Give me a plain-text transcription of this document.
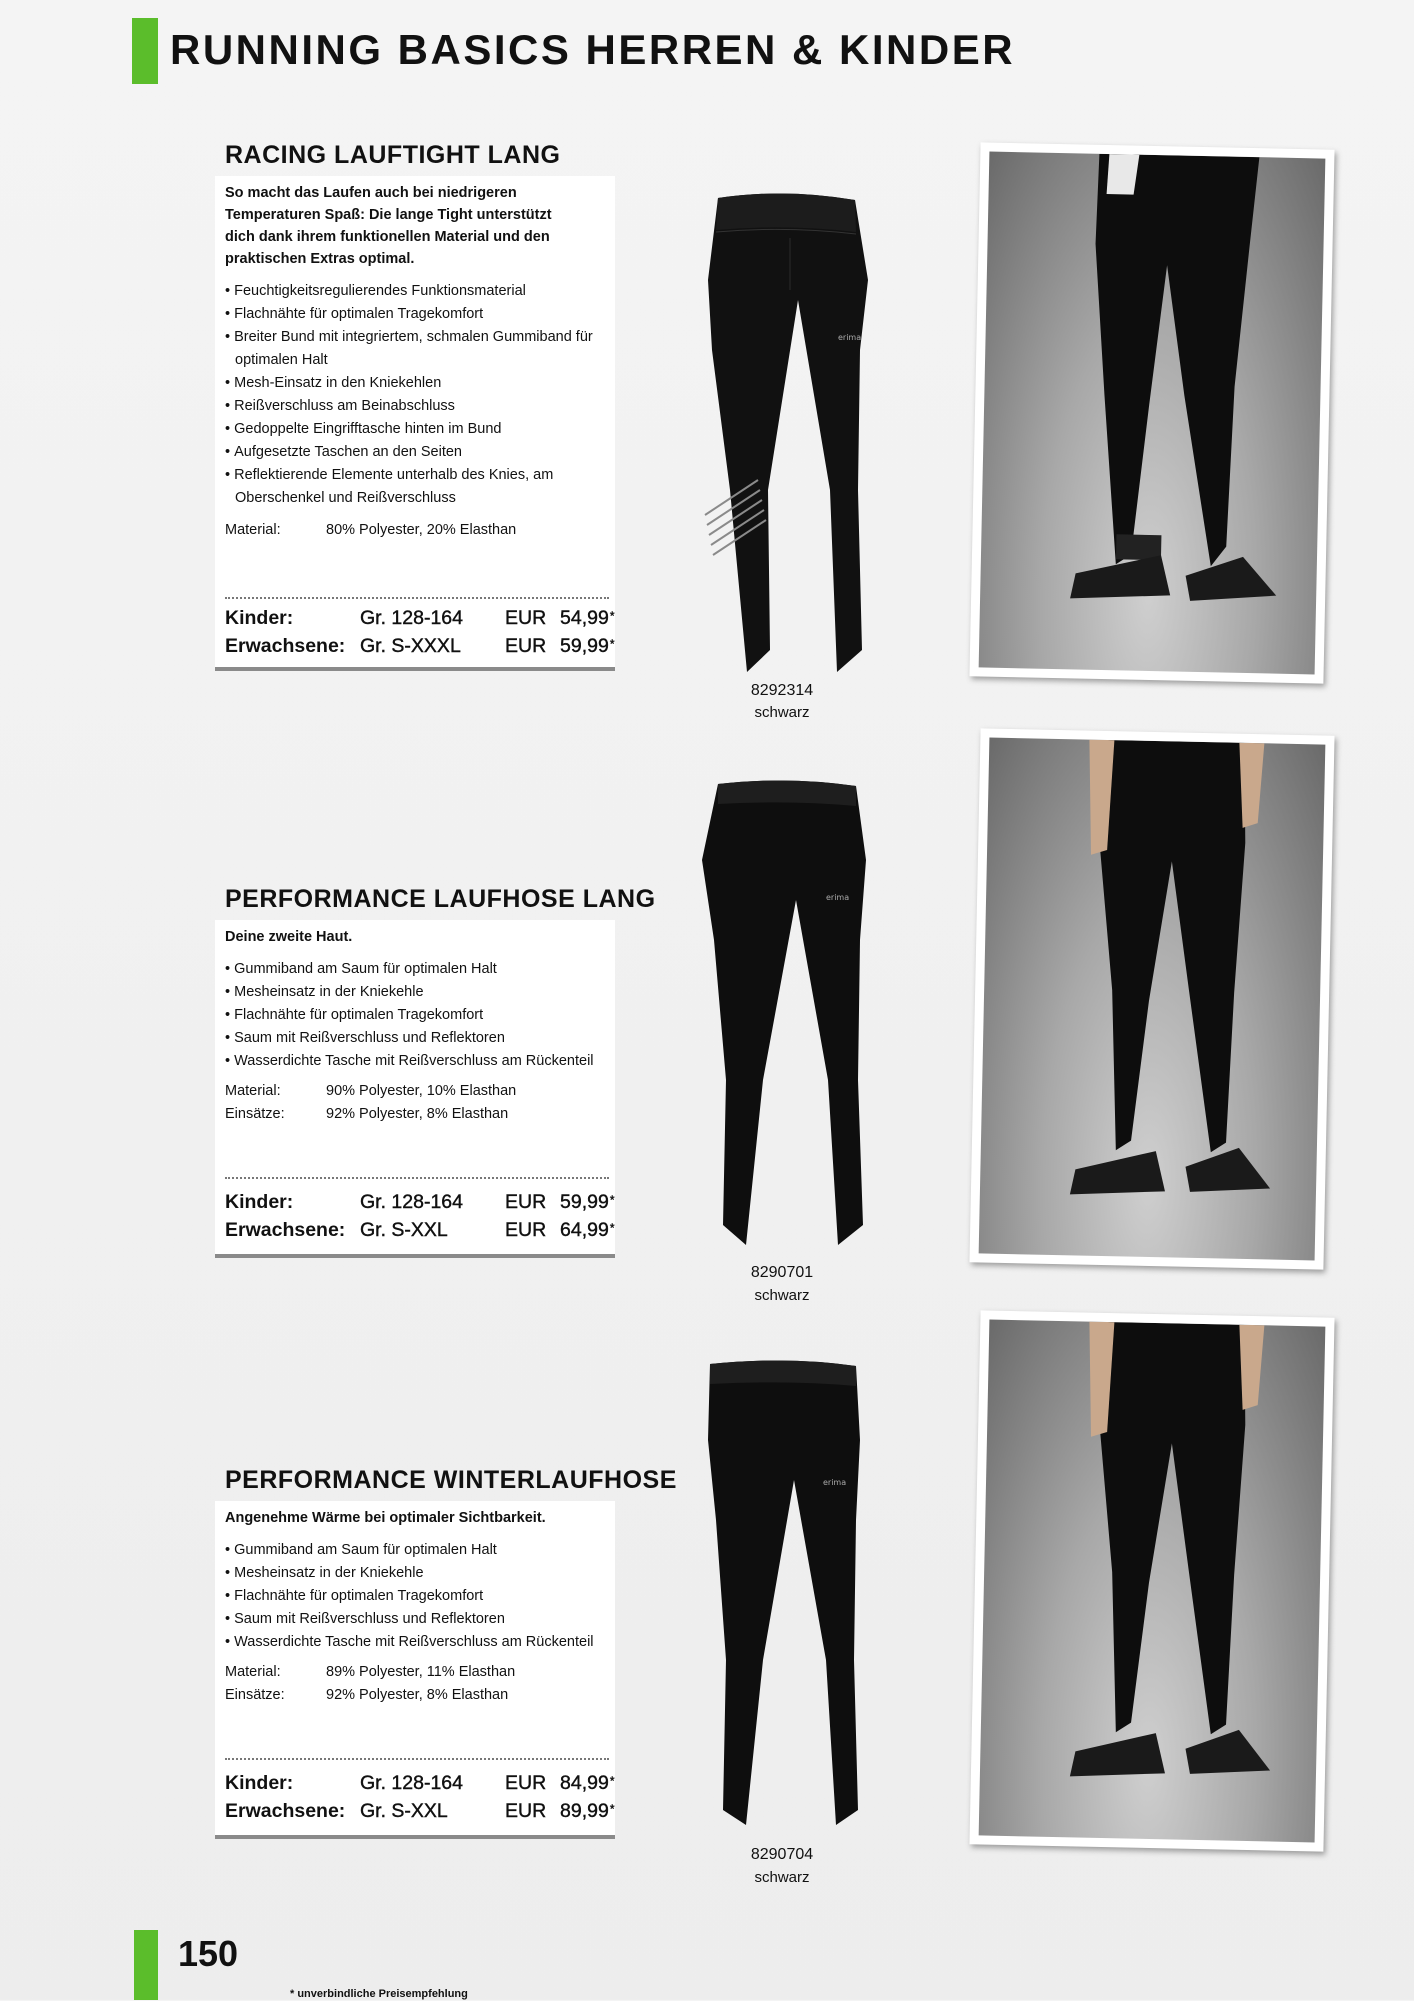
RUNNING BASICS HERREN & KINDER
RACING LAUFTIGHT LANG
So macht das Laufen auch bei niedrigeren Temperaturen Spaß: Die lange Tight unterstützt dich dank ihrem funktionellen Material und den praktischen Extras optimal.
• Feuchtigkeitsregulierendes Funktionsmaterial
• Flachnähte für optimalen Tragekomfort
• Breiter Bund mit integriertem, schmalen Gummiband für optimalen Halt
• Mesh-Einsatz in den Kniekehlen
• Reißverschluss am Beinabschluss
• Gedoppelte Eingrifftasche hinten im Bund
• Aufgesetzte Taschen an den Seiten
• Reflektierende Elemente unterhalb des Knies, am Oberschenkel und Reißverschluss
Material:	80% Polyester, 20% Elasthan
Kinder:	Gr. 128-164 EUR 54,99*
Erwachsene: Gr. S-XXXL EUR 59,99*
erima
8292314
schwarz
PERFORMANCE LAUFHOSE LANG
Deine zweite Haut.
• Gummiband am Saum für optimalen Halt
• Mesheinsatz in der Kniekehle
• Flachnähte für optimalen Tragekomfort
• Saum mit Reißverschluss und Reflektoren
• Wasserdichte Tasche mit Reißverschluss am Rückenteil
Material:	90% Polyester, 10% Elasthan
Einsätze:	92% Polyester, 8% Elasthan
Kinder:	Gr. 128-164 EUR 59,99*
Erwachsene: Gr. S-XXL	EUR 64,99*
erima
8290701
schwarz
PERFORMANCE WINTERLAUFHOSE
Angenehme Wärme bei optimaler Sichtbarkeit.
• Gummiband am Saum für optimalen Halt
• Mesheinsatz in der Kniekehle
• Flachnähte für optimalen Tragekomfort
• Saum mit Reißverschluss und Reflektoren
• Wasserdichte Tasche mit Reißverschluss am Rückenteil
Material:	89% Polyester, 11% Elasthan
Einsätze:	92% Polyester, 8% Elasthan
Kinder:	Gr. 128-164 EUR 84,99*
Erwachsene: Gr. S-XXL	EUR 89,99*
erima
8290704
schwarz
150
* unverbindliche Preisempfehlung
